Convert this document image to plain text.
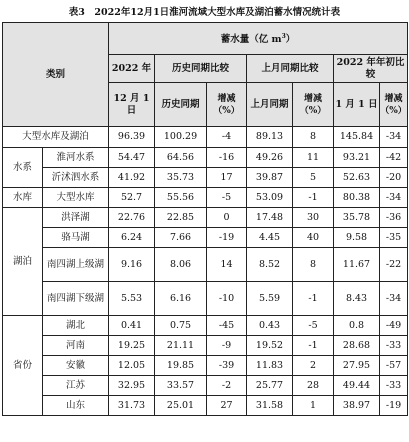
表3　2022年12月1日淮河流域大型水库及湖泊蓄水情况统计表
类别		蓄水量（亿 $m^3$）						
		2022 年	历史同期比较		上月同期比较		2022 年年初比较	
		12 月 1 日	历史同期	增减（%）	上月同期	增减（%）	1 月 1 日	增减（%）
大型水库及湖泊		96.39	100.29	-4	89.13	8	145.84	-34
水系	淮河水系	54.47	64.56	-16	49.26	11	93.21	-42
	沂沭泗水系	41.92	35.73	17	39.87	5	52.63	-20
水库	大型水库	52.7	55.56	-5	53.09	-1	80.38	-34
湖泊	洪泽湖	22.76	22.85	0	17.48	30	35.78	-36
	骆马湖	6.24	7.66	-19	4.45	40	9.58	-35
	南四湖上级湖	9.16	8.06	14	8.52	8	11.67	-22
	南四湖下级湖	5.53	6.16	-10	5.59	-1	8.43	-34
省份	湖北	0.41	0.75	-45	0.43	-5	0.8	-49
	河南	19.25	21.11	-9	19.52	-1	28.68	-33
	安徽	12.05	19.85	-39	11.83	2	27.95	-57
	江苏	32.95	33.57	-2	25.77	28	49.44	-33
	山东	31.73	25.01	27	31.58	1	38.97	-19
